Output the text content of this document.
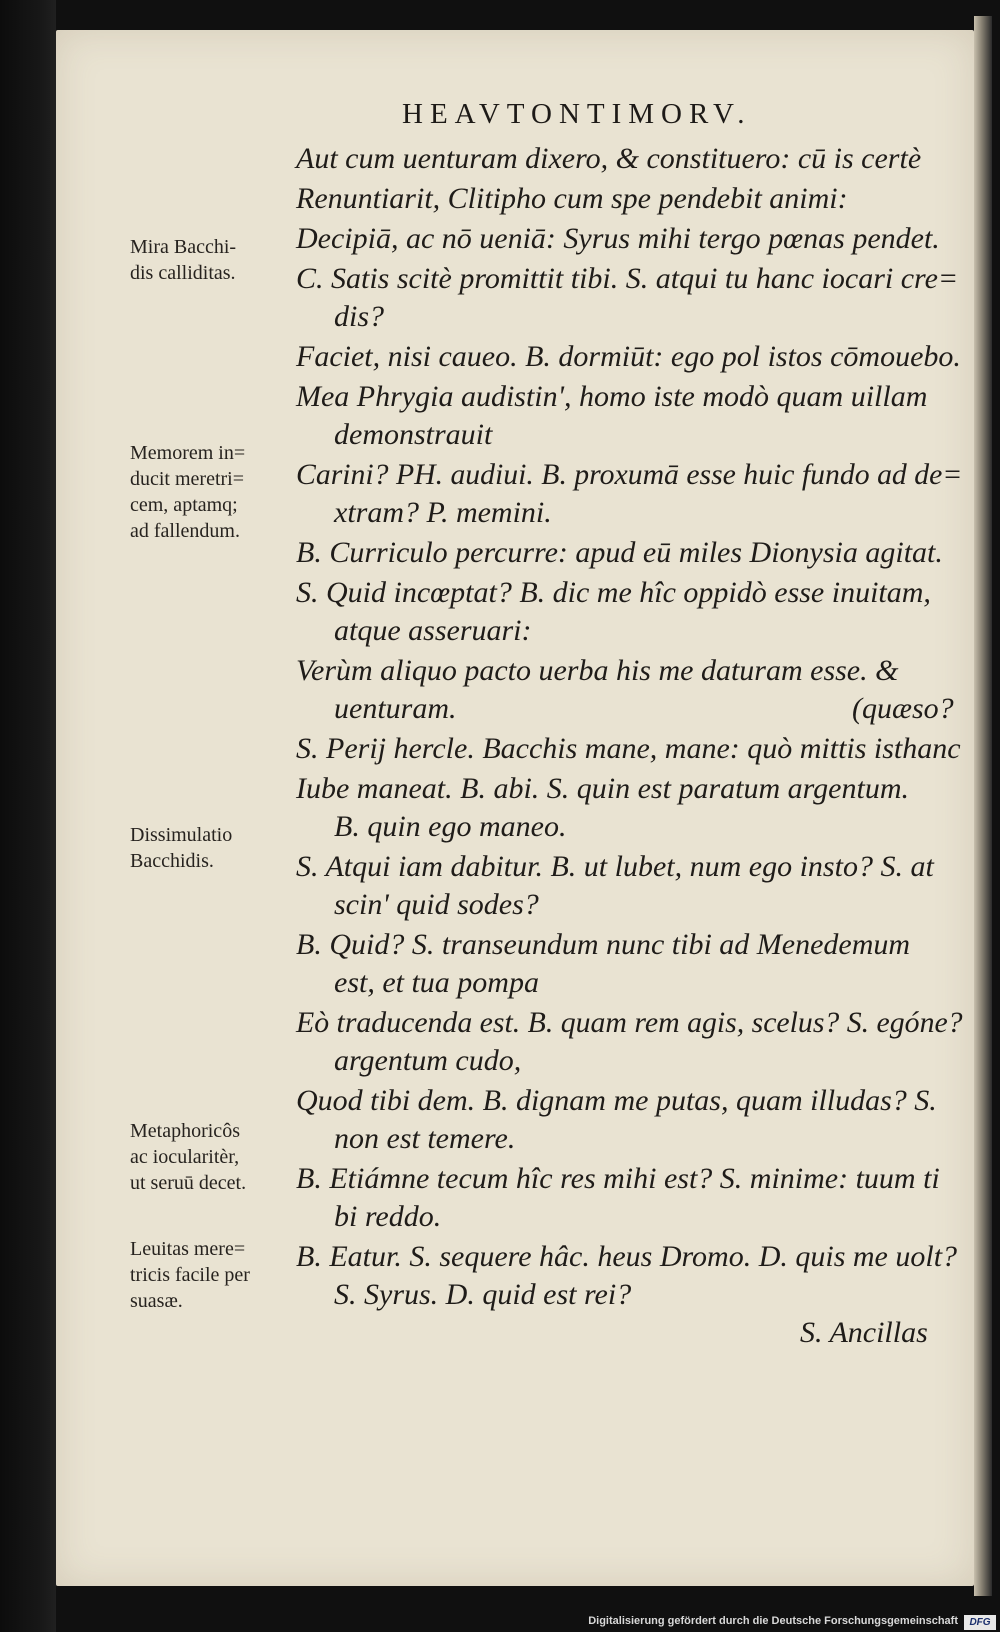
HEAVTONTIMORV.
Aut cum uenturam dixero, & constituero: cū is certè
Renuntiarit, Clitipho cum spe pendebit animi:
Decipiā, ac nō ueniā: Syrus mihi tergo pœnas pendet.
C. Satis scitè promittit tibi. S. atqui tu hanc iocari cre=
dis?
Faciet, nisi caueo. B. dormiūt: ego pol istos cōmouebo.
Mea Phrygia audistin', homo iste modò quam uillam
demonstrauit
Carini? PH. audiui. B. proxumā esse huic fundo ad de=
xtram? P. memini.
B. Curriculo percurre: apud eū miles Dionysia agitat.
S. Quid incœptat? B. dic me hîc oppidò esse inuitam,
atque asseruari:
Verùm aliquo pacto uerba his me daturam esse. &
uenturam.	(quæso?
S. Perij hercle. Bacchis mane, mane: quò mittis isthanc
Iube maneat. B. abi. S. quin est paratum argentum.
B. quin ego maneo.
S. Atqui iam dabitur. B. ut lubet, num ego insto? S. at
scin' quid sodes?
B. Quid? S. transeundum nunc tibi ad Menedemum
est, et tua pompa
Eò traducenda est. B. quam rem agis, scelus? S. egóne?
argentum cudo,
Quod tibi dem. B. dignam me putas, quam illudas? S.
non est temere.
B. Etiámne tecum hîc res mihi est? S. minime: tuum ti
bi reddo.
B. Eatur. S. sequere hâc. heus Dromo. D. quis me uolt?
S. Syrus. D. quid est rei?
S. Ancillas
Mira Bacchi-
dis calliditas.
Memorem in=
ducit meretri=
cem, aptamq;
ad fallendum.
Dissimulatio
Bacchidis.
Metaphoricôs
ac iocularitèr,
ut seruū decet.
Leuitas mere=
tricis facile per
suasæ.
Digitalisierung gefördert durch die Deutsche Forschungsgemeinschaft	DFG
